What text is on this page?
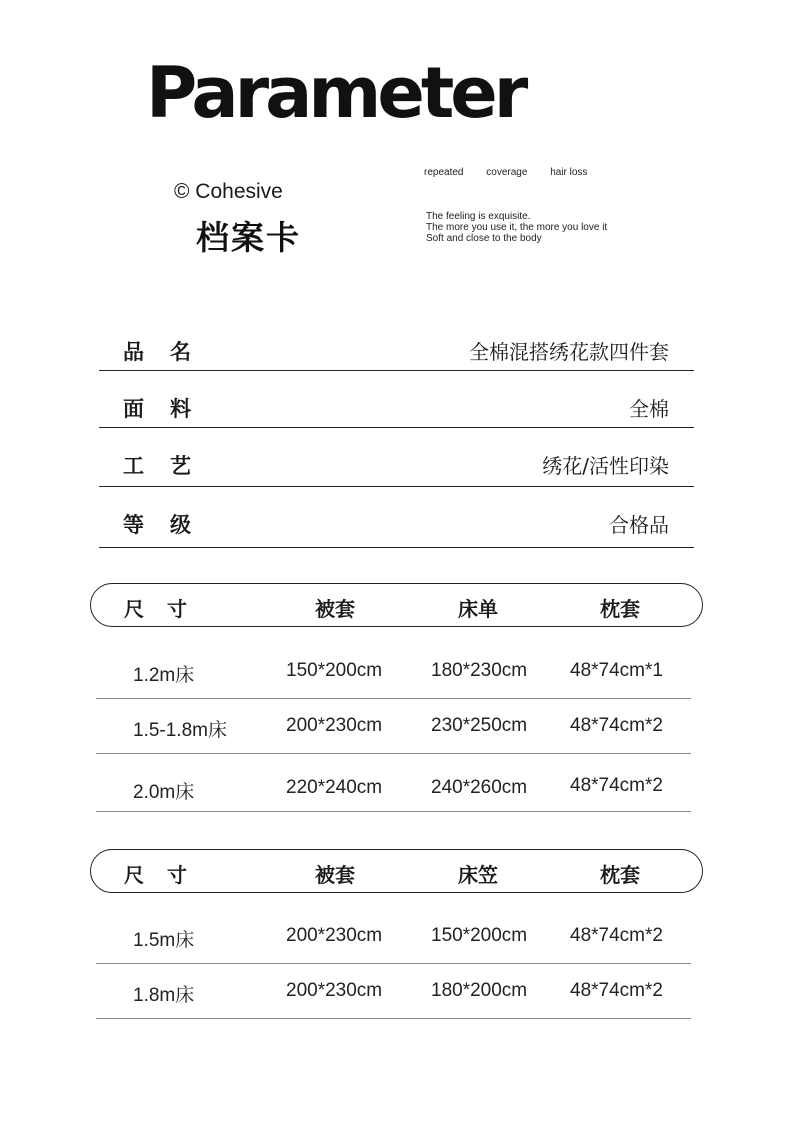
Parameter
© Cohesive
档案卡
repeated coverage hair loss
The feeling is exquisite.
The more you use it, the more you love it
Soft and close to the body
品名	全棉混搭绣花款四件套
面料	全棉
工艺	绣花/活性印染
等级	合格品
尺 寸	被套	床单	枕套
1.2m床	150*200cm	180*230cm 48*74cm*1
1.5-1.8m床	200*230cm	230*250cm 48*74cm*2
2.0m床	220*240cm	240*260cm 48*74cm*2
尺 寸	被套	床笠	枕套
1.5m床	200*230cm	150*200cm 48*74cm*2
1.8m床	200*230cm	180*200cm 48*74cm*2
